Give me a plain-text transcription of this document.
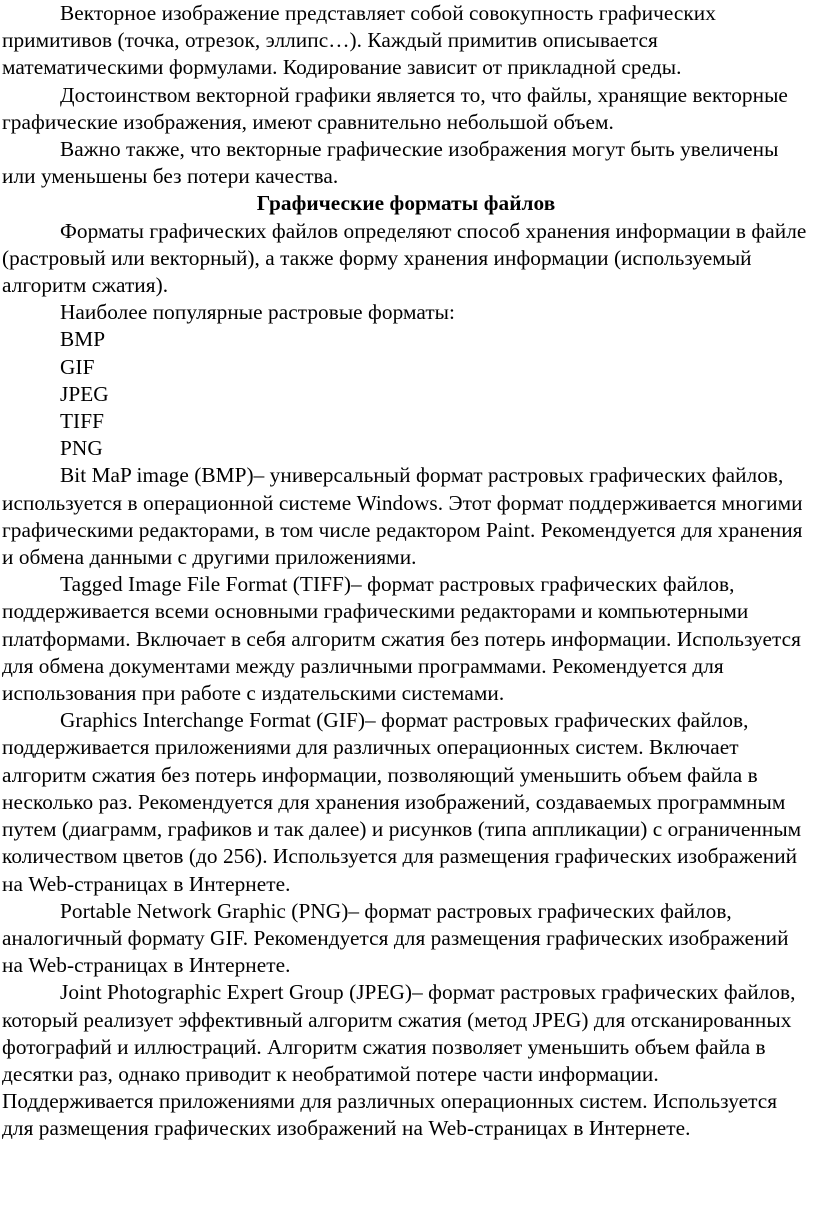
Векторное изображение представляет собой совокупность графических примитивов (точка, отрезок, эллипс…). Каждый примитив описывается математическими формулами. Кодирование зависит от прикладной среды.

Достоинством векторной графики является то, что файлы, хранящие векторные графические изображения, имеют сравнительно небольшой объем.

Важно также, что векторные графические изображения могут быть увеличены или уменьшены без потери качества.

Графические форматы файлов

Форматы графических файлов определяют способ хранения информации в файле (растровый или векторный), а также форму хранения информации (используемый алгоритм сжатия).

Наиболее популярные растровые форматы:

BMP

GIF

JPEG

TIFF

PNG

Bit MaP image (BMP)– универсальный формат растровых графических файлов, используется в операционной системе Windows. Этот формат поддерживается многими графическими редакторами, в том числе редактором Paint. Рекомендуется для хранения и обмена данными с другими приложениями.

Tagged Image File Format (TIFF)– формат растровых графических файлов, поддерживается всеми основными графическими редакторами и компьютерными платформами. Включает в себя алгоритм сжатия без потерь информации. Используется для обмена документами между различными программами. Рекомендуется для использования при работе с издательскими системами.

Graphics Interchange Format (GIF)– формат растровых графических файлов, поддерживается приложениями для различных операционных систем. Включает алгоритм сжатия без потерь информации, позволяющий уменьшить объем файла в несколько раз. Рекомендуется для хранения изображений, создаваемых программным путем (диаграмм, графиков и так далее) и рисунков (типа аппликации) с ограниченным количеством цветов (до 256). Используется для размещения графических изображений на Web-страницах в Интернете.

Portable Network Graphic (PNG)– формат растровых графических файлов, аналогичный формату GIF. Рекомендуется для размещения графических изображений на Web-страницах в Интернете.

Joint Photographic Expert Group (JPEG)– формат растровых графических файлов, который реализует эффективный алгоритм сжатия (метод JPEG) для отсканированных фотографий и иллюстраций. Алгоритм сжатия позволяет уменьшить объем файла в десятки раз, однако приводит к необратимой потере части информации. Поддерживается приложениями для различных операционных систем. Используется для размещения графических изображений на Web-страницах в Интернете.
